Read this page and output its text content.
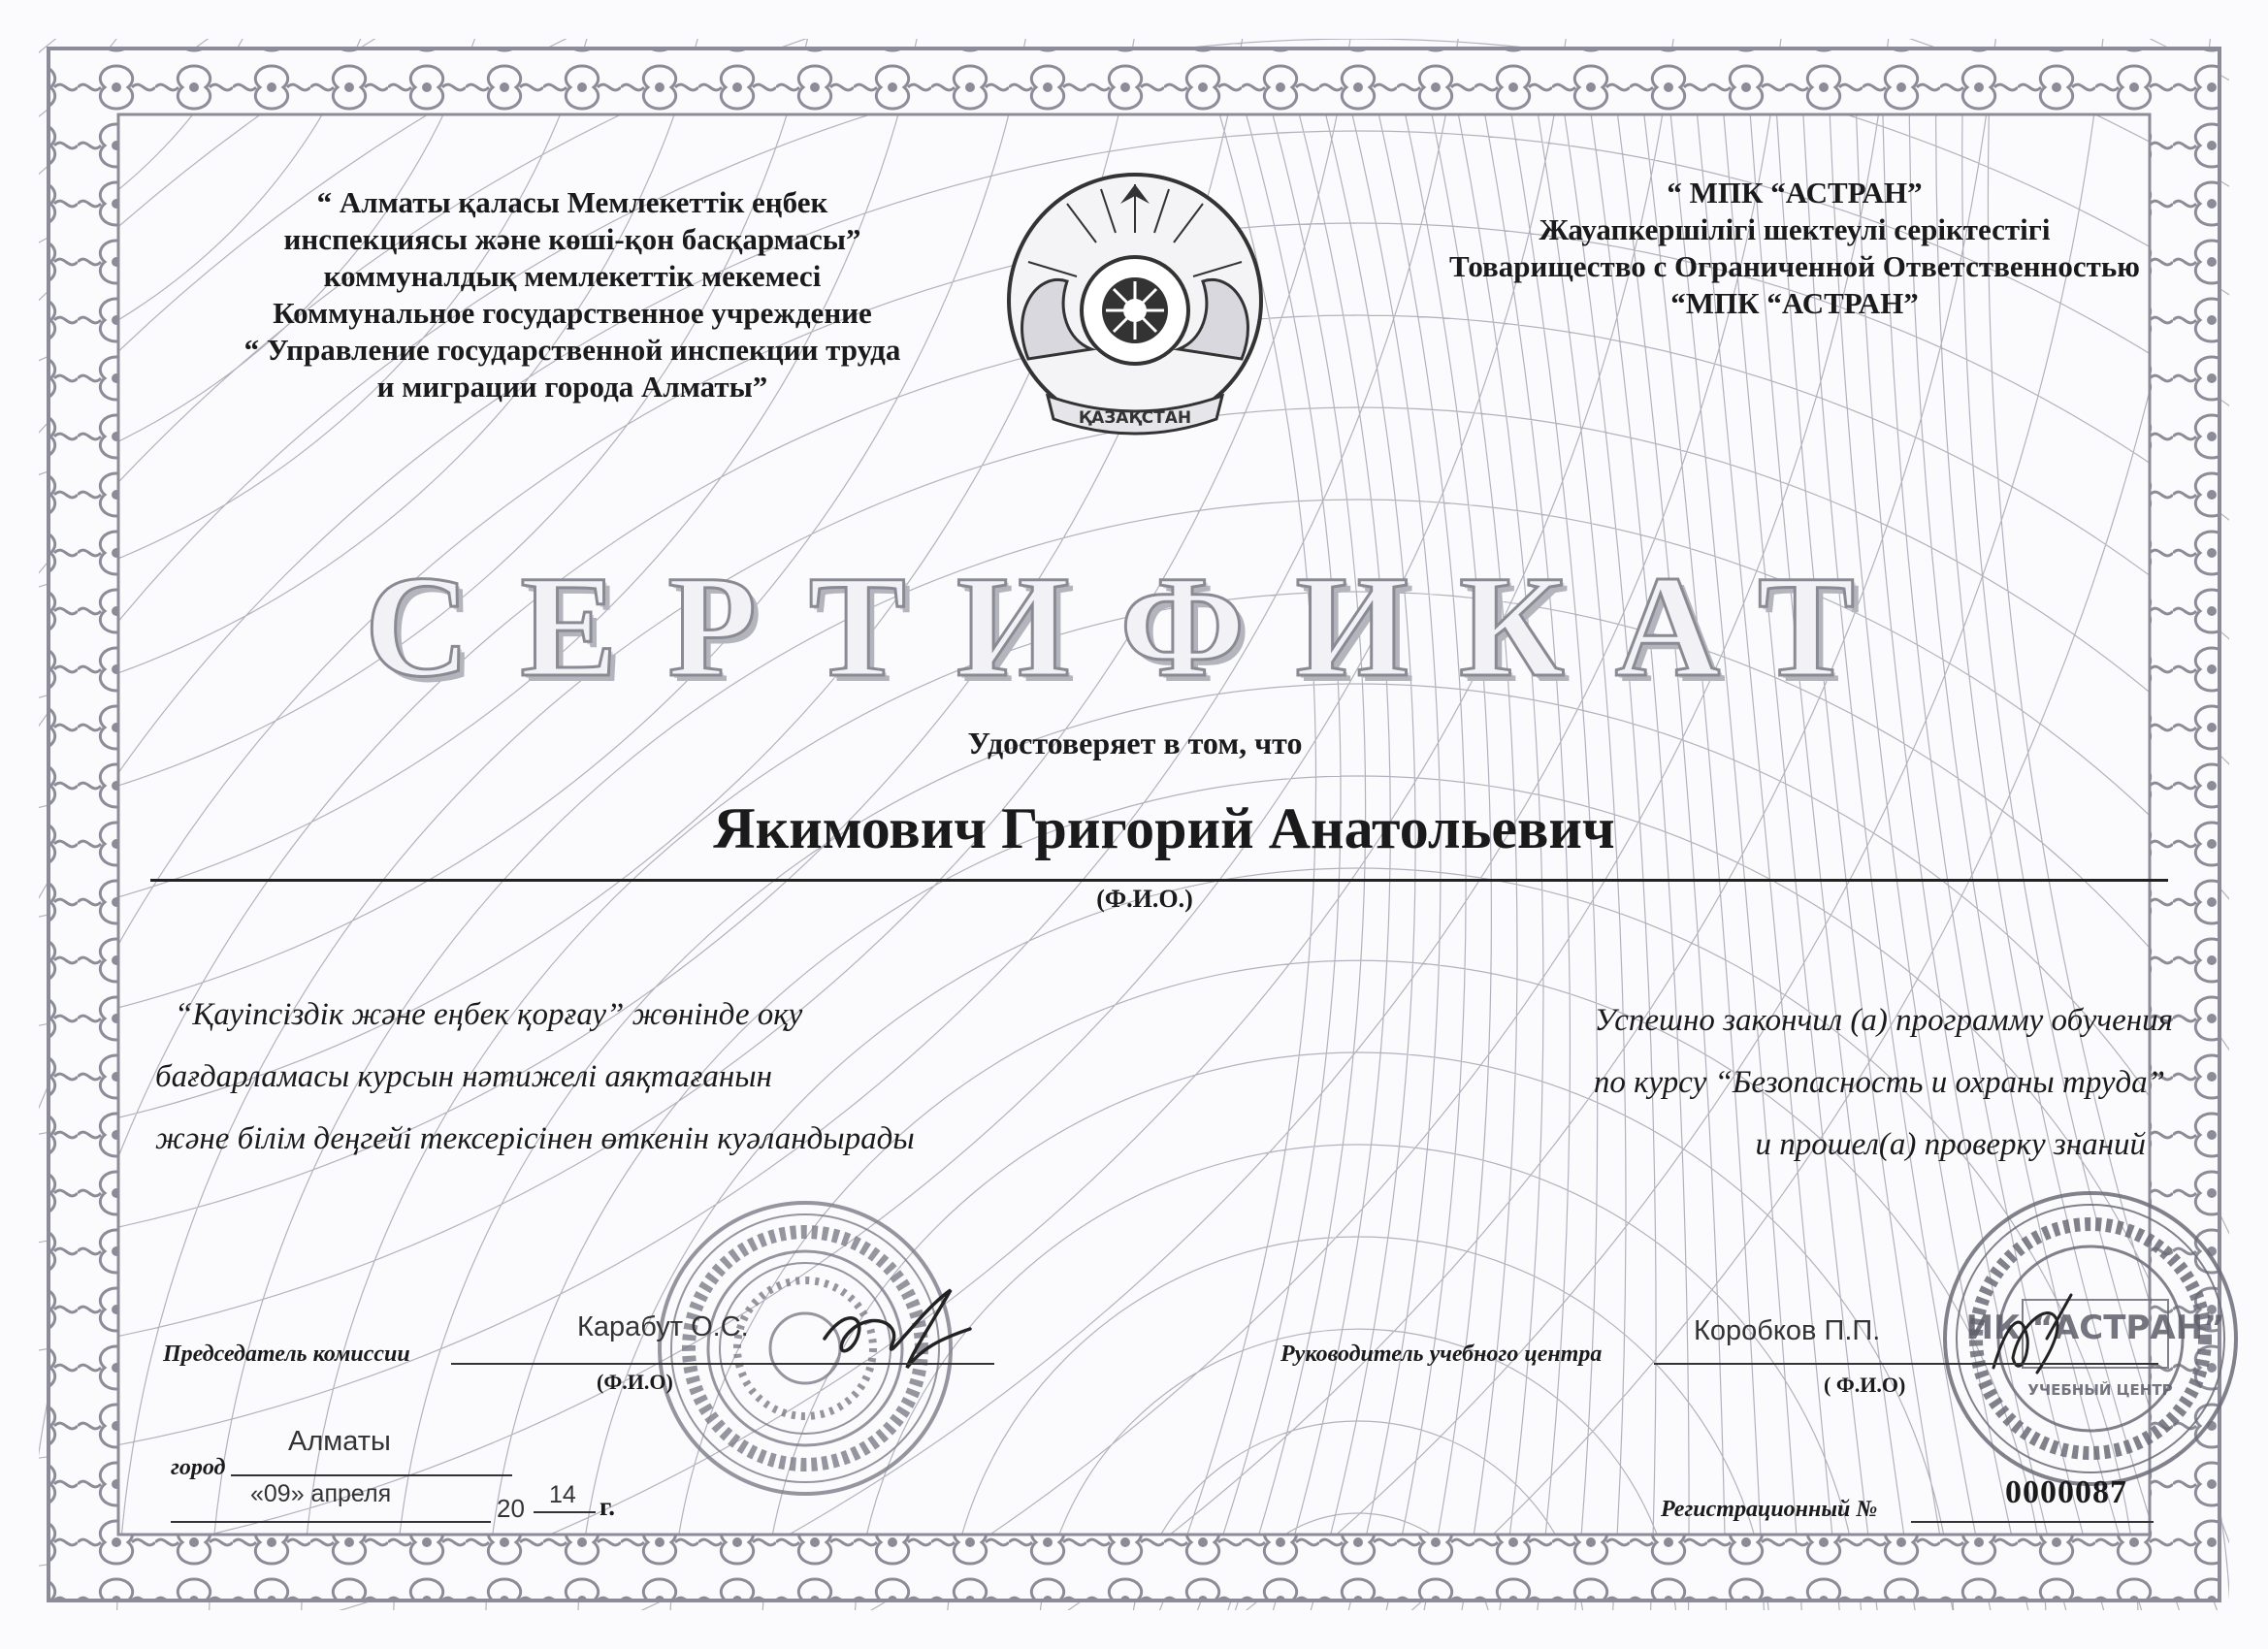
“ Алматы қаласы Мемлекеттік еңбек
инспекциясы және көші-қон басқармасы”
коммуналдық мемлекеттік мекемесі
Коммунальное государственное учреждение
“ Управление государственной инспекции труда
и миграции города Алматы”
ҚАЗАҚСТАН
“ МПК “АСТРАН”
Жауапкершілігі шектеулі серіктестігі
Товарищество с Ограниченной Ответственностью
“МПК “АСТРАН”
СЕРТИФИКАТ
Удостоверяет в том, что
Якимович Григорий Анатольевич
(Ф.И.О.)
“Қауіпсіздік және еңбек қорғау” жөнінде оқу
бағдарламасы курсын нәтижелі аяқтағанын
және білім деңгейі тексерісінен өткенін куәландырады
Успешно закончил (а) программу обучения
по курсу “Безопасность и охраны труда”
и прошел(а) проверку знаний
ИК “АСТРАН”
УЧЕБНЫЙ ЦЕНТР
Председатель комиссии
Карабут О.С.
(Ф.И.О)
Руководитель учебного центра
Коробков П.П.
( Ф.И.О)
город
Алматы
«09» апреля	20 14 г.	Регистрационный №	0000087
